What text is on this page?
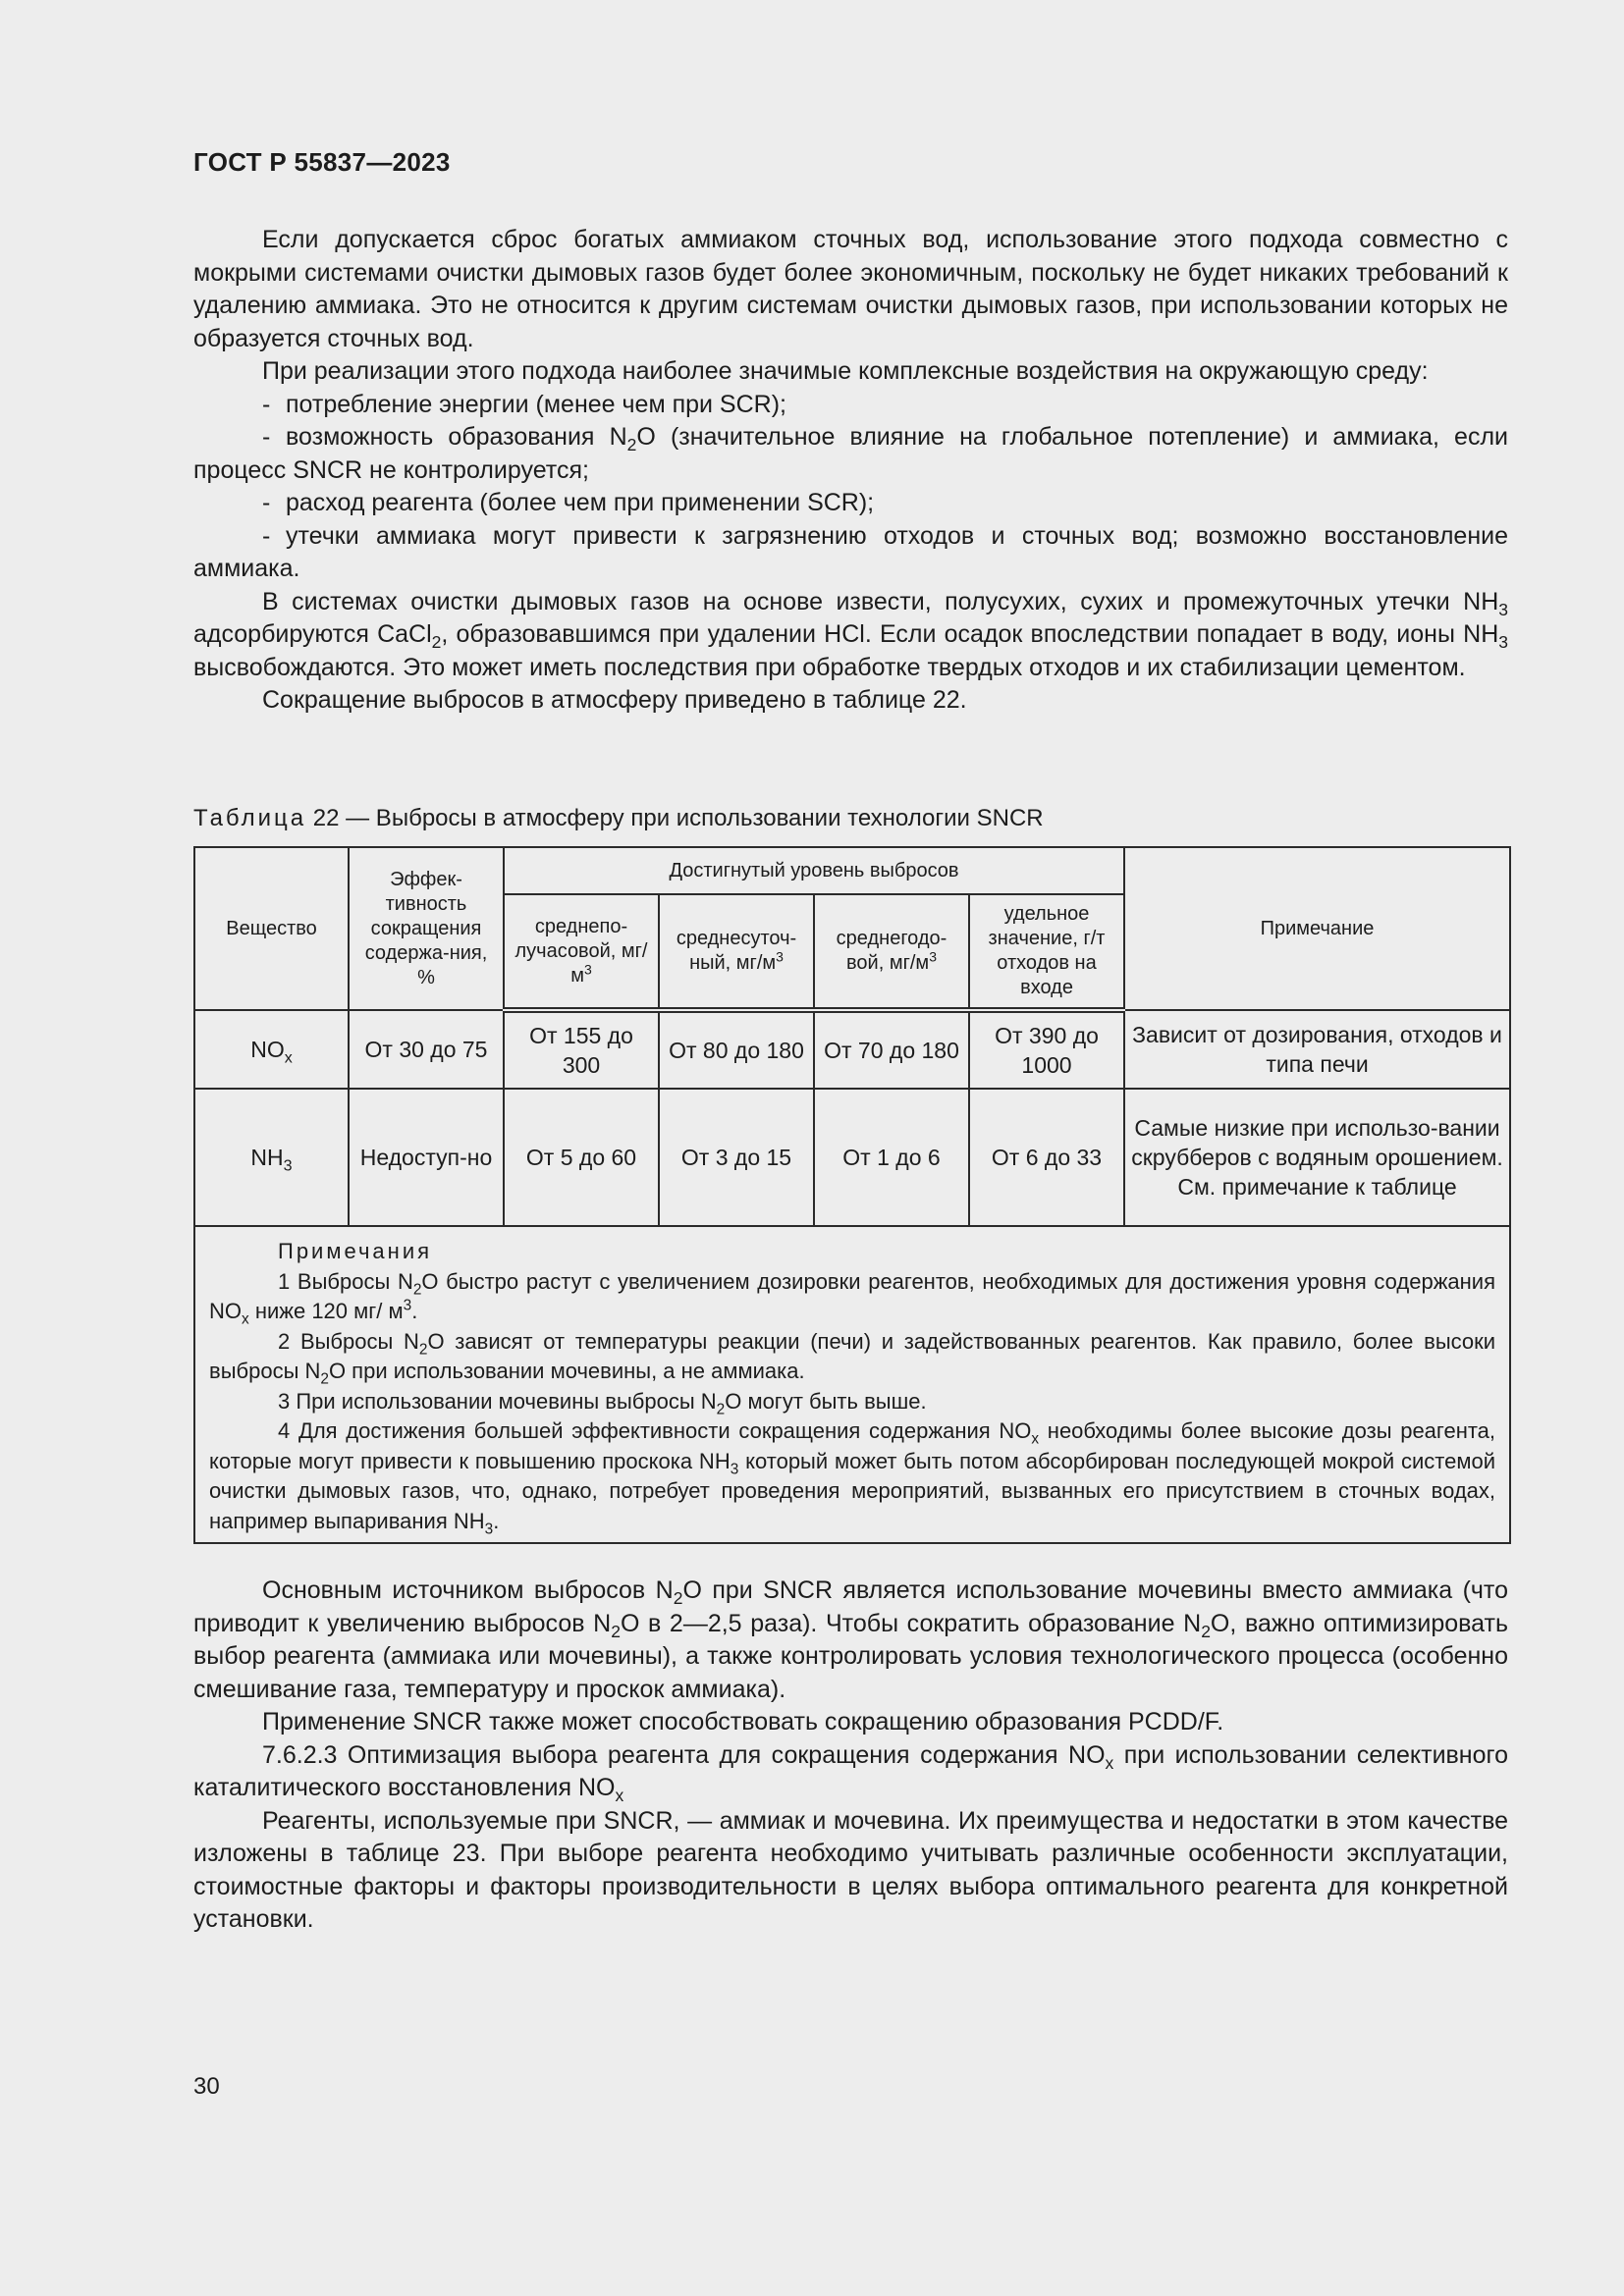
ГОСТ Р 55837—2023

Если допускается сброс богатых аммиаком сточных вод, использование этого подхода совместно с мокрыми системами очистки дымовых газов будет более экономичным, поскольку не будет никаких требований к удалению аммиака. Это не относится к другим системам очистки дымовых газов, при использовании которых не образуется сточных вод.

При реализации этого подхода наиболее значимые комплексные воздействия на окружающую среду:

- потребление энергии (менее чем при SCR);

- возможность образования $N_2O$ (значительное влияние на глобальное потепление) и аммиака, если процесс SNCR не контролируется;

- расход реагента (более чем при применении SCR);

- утечки аммиака могут привести к загрязнению отходов и сточных вод; возможно восстановление аммиака.

В системах очистки дымовых газов на основе извести, полусухих, сухих и промежуточных утечки $NH_3$ адсорбируются CaCl$_2$, образовавшимся при удалении HCl. Если осадок впоследствии попадает в воду, ионы $NH_3$ высвобождаются. Это может иметь последствия при обработке твердых отходов и их стабилизации цементом.

Сокращение выбросов в атмосферу приведено в таблице 22.

Таблица 22 — Выбросы в атмосферу при использовании технологии SNCR
Вещество	Эффек-тивность сокращения содержа-ния, %	Достигнутый уровень выбросов				Примечание
		среднепо-лучасовой, $мг/м^3$	среднесуточ-ный, $мг/м^3$	среднегодо-вой, $мг/м^3$	удельное значение, г/т отходов на входе	
$NO_x$	От 30 до 75	От 155 до 300	От 80 до 180	От 70 до 180	От 390 до 1000	Зависит от дозирования, отходов и типа печи
$NH_3$	Недоступ-но	От 5 до 60	От 3 до 15	От 1 до 6	От 6 до 33	Самые низкие при использо-вании скрубберов с водяным орошением. См. примечание к таблице

Примечания

1 Выбросы $N_2O$ быстро растут с увеличением дозировки реагентов, необходимых для достижения уровня содержания $NO_x$ ниже 120 мг/ $м^3$.

2 Выбросы $N_2O$ зависят от температуры реакции (печи) и задействованных реагентов. Как правило, более высоки выбросы $N_2O$ при использовании мочевины, а не аммиака.

3 При использовании мочевины выбросы $N_2O$ могут быть выше.

4 Для достижения большей эффективности сокращения содержания $NO_x$ необходимы более высокие дозы реагента, которые могут привести к повышению проскока $NH_3$ который может быть потом абсорбирован последующей мокрой системой очистки дымовых газов, что, однако, потребует проведения мероприятий, вызванных его присутствием в сточных водах, например выпаривания $NH_3$.						

Основным источником выбросов $N_2O$ при SNCR является использование мочевины вместо аммиака (что приводит к увеличению выбросов $N_2O$ в 2—2,5 раза). Чтобы сократить образование $N_2O$, важно оптимизировать выбор реагента (аммиака или мочевины), а также контролировать условия технологического процесса (особенно смешивание газа, температуру и проскок аммиака).

Применение SNCR также может способствовать сокращению образования PCDD/F.

7.6.2.3 Оптимизация выбора реагента для сокращения содержания $NO_x$ при использовании селективного каталитического восстановления $NO_x$

Реагенты, используемые при SNCR, — аммиак и мочевина. Их преимущества и недостатки в этом качестве изложены в таблице 23. При выборе реагента необходимо учитывать различные особенности эксплуатации, стоимостные факторы и факторы производительности в целях выбора оптимального реагента для конкретной установки.

30
